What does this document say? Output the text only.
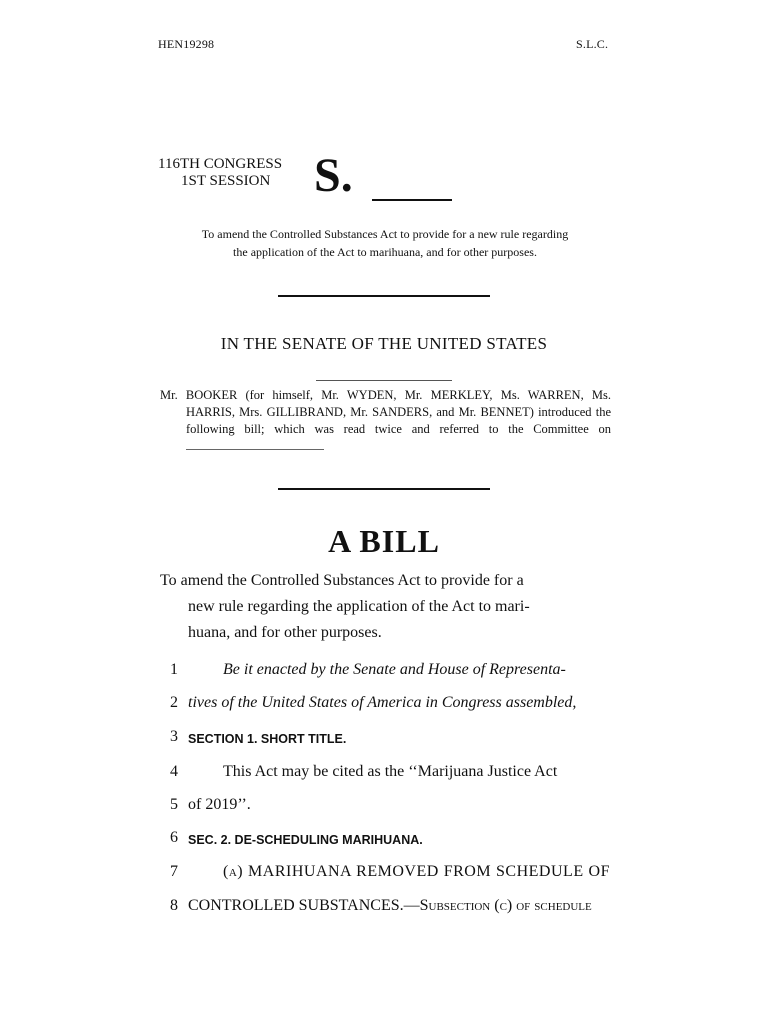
HEN19298	S.L.C.
116TH CONGRESS
1ST SESSION S.
To amend the Controlled Substances Act to provide for a new rule regarding
the application of the Act to marihuana, and for other purposes.
IN THE SENATE OF THE UNITED STATES
Mr. BOOKER (for himself, Mr. WYDEN, Mr. MERKLEY, Ms. WARREN, Ms. HARRIS, Mrs. GILLIBRAND, Mr. SANDERS, and Mr. BENNET) introduced the following bill; which was read twice and referred to the Committee on
A BILL
To amend the Controlled Substances Act to provide for a
new rule regarding the application of the Act to mari-
huana, and for other purposes.
1	Be it enacted by the Senate and House of Representa-
2 tives of the United States of America in Congress assembled,
3 SECTION 1. SHORT TITLE.
4	This Act may be cited as the ‘‘Marijuana Justice Act
5 of 2019’’.
6 SEC. 2. DE-SCHEDULING MARIHUANA.
7	(a) MARIHUANA REMOVED FROM SCHEDULE OF
8 CONTROLLED SUBSTANCES.—Subsection (c) of schedule
